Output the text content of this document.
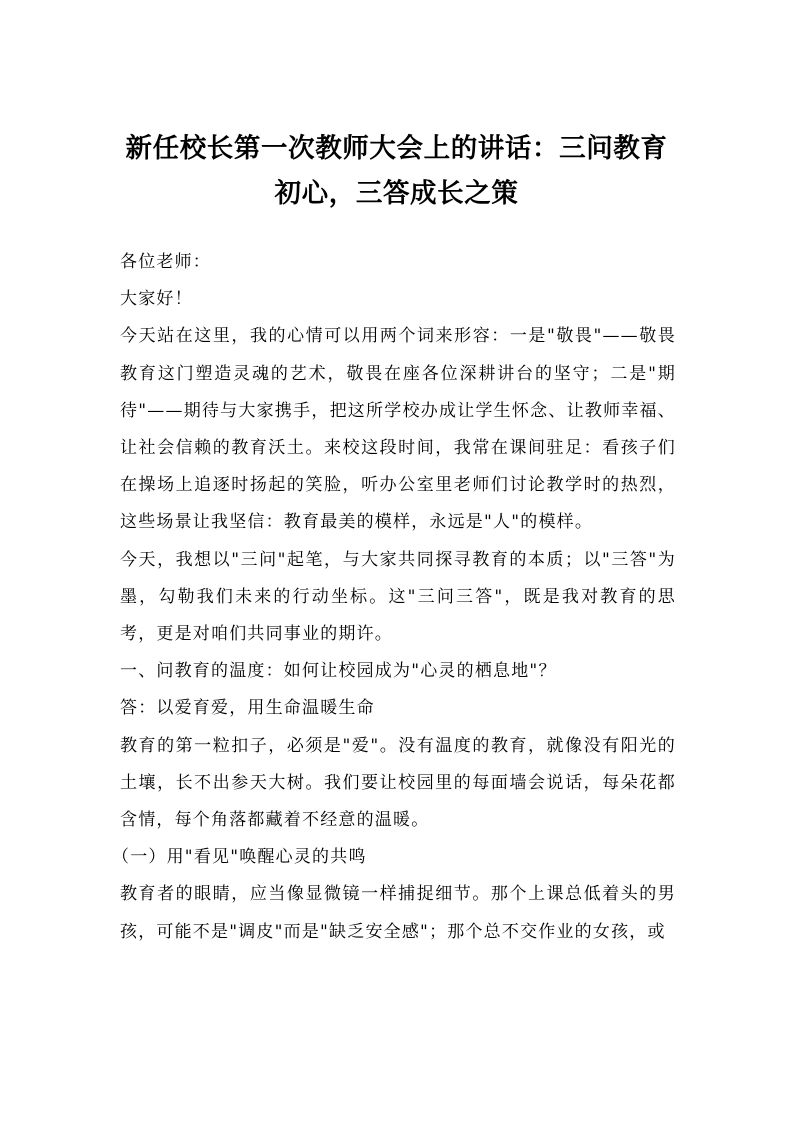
新任校长第一次教师大会上的讲话：三问教育初心，三答成长之策

各位老师：

大家好！

今天站在这里，我的心情可以用两个词来形容：一是"敬畏"——敬畏教育这门塑造灵魂的艺术，敬畏在座各位深耕讲台的坚守；二是"期待"——期待与大家携手，把这所学校办成让学生怀念、让教师幸福、让社会信赖的教育沃土。来校这段时间，我常在课间驻足：看孩子们在操场上追逐时扬起的笑脸，听办公室里老师们讨论教学时的热烈，这些场景让我坚信：教育最美的模样，永远是"人"的模样。

今天，我想以"三问"起笔，与大家共同探寻教育的本质；以"三答"为墨，勾勒我们未来的行动坐标。这"三问三答"，既是我对教育的思考，更是对咱们共同事业的期许。

一、问教育的温度：如何让校园成为"心灵的栖息地"？

答：以爱育爱，用生命温暖生命

教育的第一粒扣子，必须是"爱"。没有温度的教育，就像没有阳光的土壤，长不出参天大树。我们要让校园里的每面墙会说话，每朵花都含情，每个角落都藏着不经意的温暖。

（一）用"看见"唤醒心灵的共鸣

教育者的眼睛，应当像显微镜一样捕捉细节。那个上课总低着头的男孩，可能不是"调皮"而是"缺乏安全感"；那个总不交作业的女孩，或
